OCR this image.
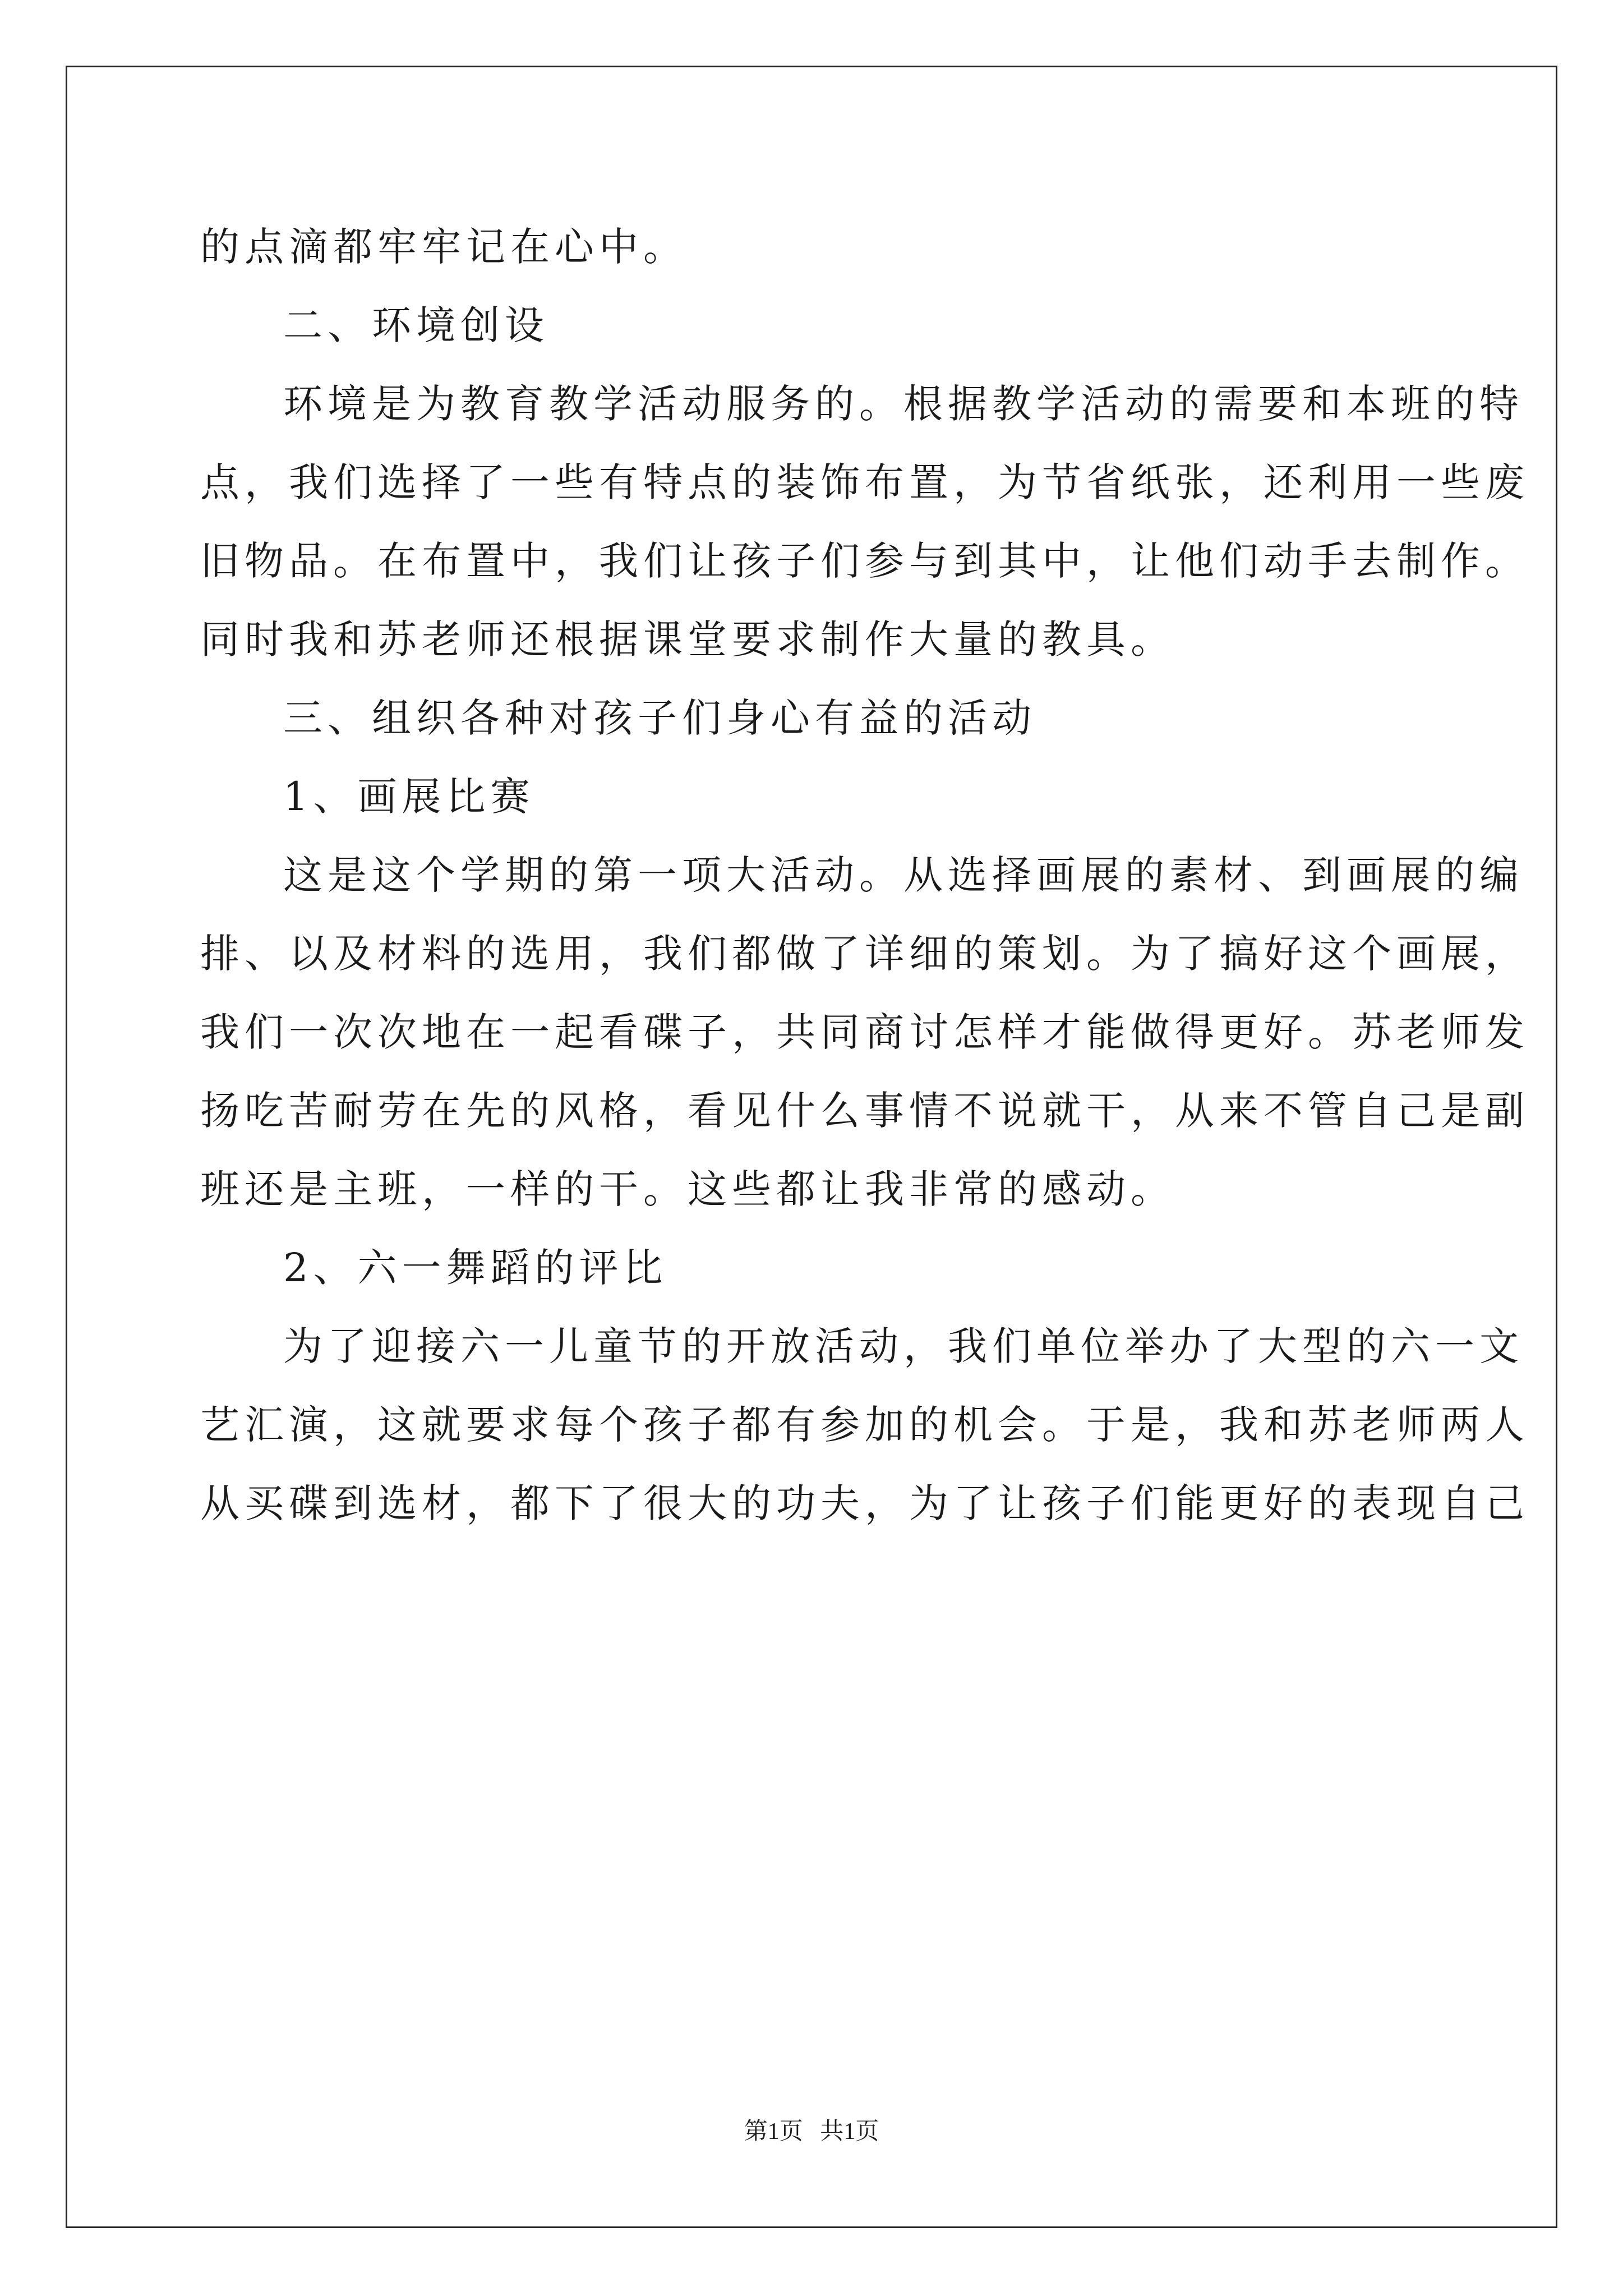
的点滴都牢牢记在心中。
二、环境创设
环境是为教育教学活动服务的。根据教学活动的需要和本班的特
点，我们选择了一些有特点的装饰布置，为节省纸张，还利用一些废
旧物品。在布置中，我们让孩子们参与到其中，让他们动手去制作。
同时我和苏老师还根据课堂要求制作大量的教具。
三、组织各种对孩子们身心有益的活动
1、画展比赛
这是这个学期的第一项大活动。从选择画展的素材、到画展的编
排、以及材料的选用，我们都做了详细的策划。为了搞好这个画展，
我们一次次地在一起看碟子，共同商讨怎样才能做得更好。苏老师发
扬吃苦耐劳在先的风格，看见什么事情不说就干，从来不管自己是副
班还是主班，一样的干。这些都让我非常的感动。
2、六一舞蹈的评比
为了迎接六一儿童节的开放活动，我们单位举办了大型的六一文
艺汇演，这就要求每个孩子都有参加的机会。于是，我和苏老师两人
从买碟到选材，都下了很大的功夫，为了让孩子们能更好的表现自己
第1页 共1页
